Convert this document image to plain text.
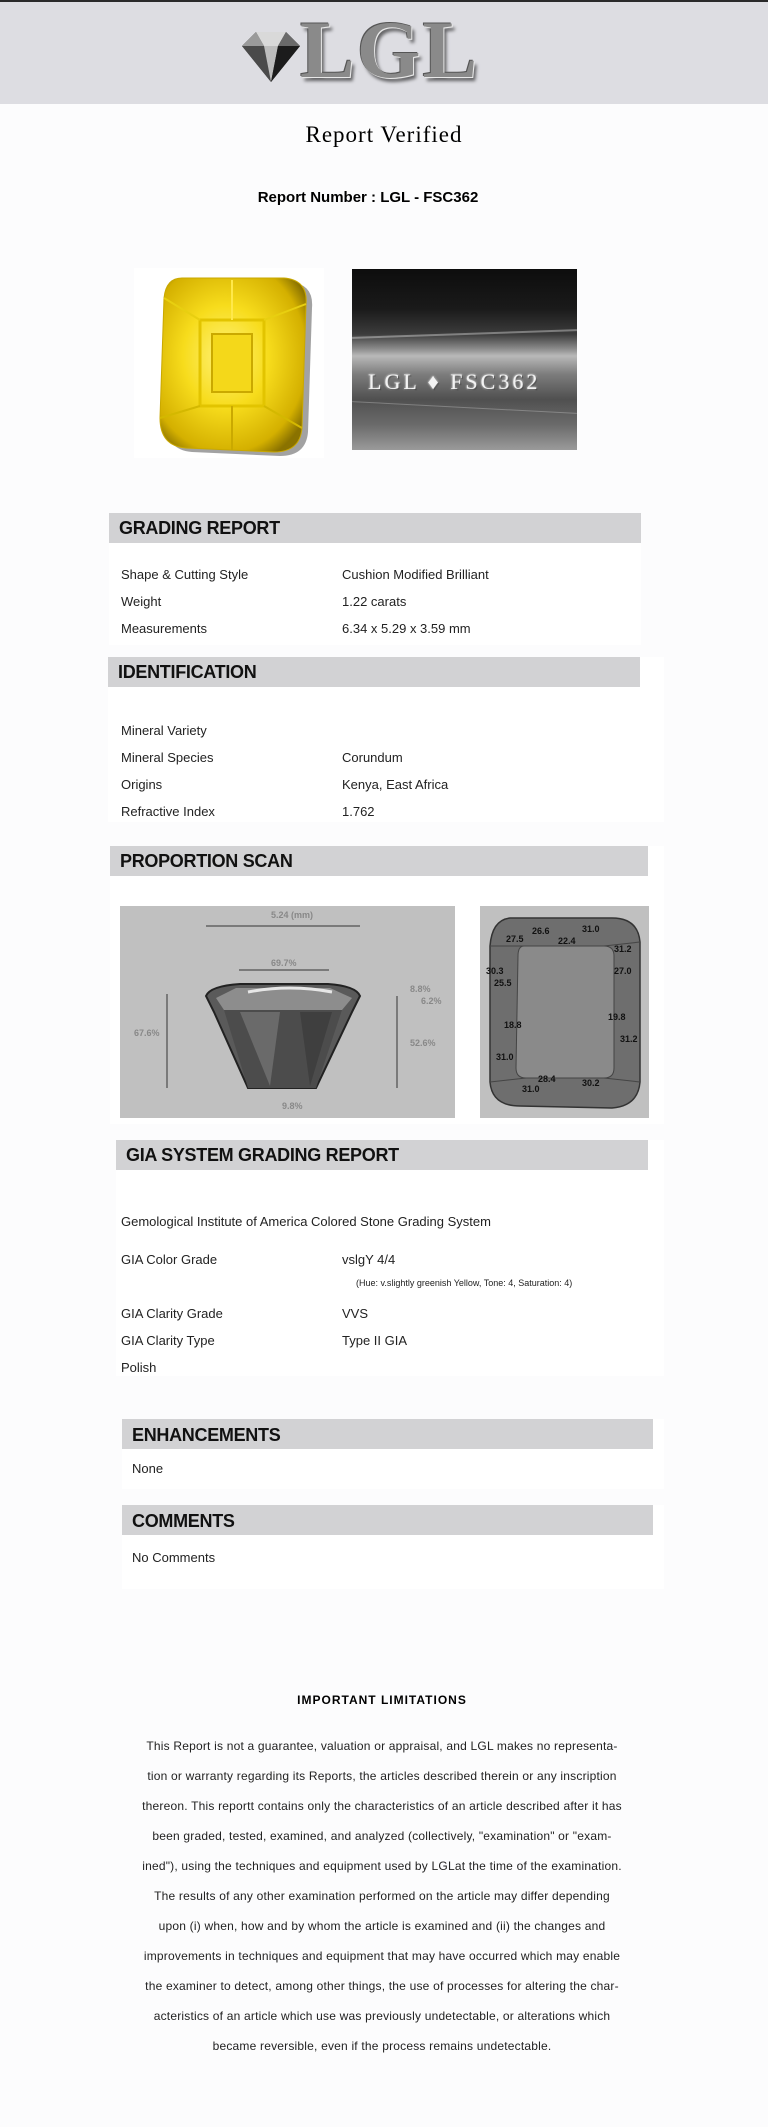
LGL
Report Verified
Report Number : LGL - FSC362
LGL ♦ FSC362
GRADING REPORT
Shape & Cutting Style	Cushion Modified Brilliant
Weight	1.22 carats
Measurements	6.34 x 5.29 x 3.59 mm
IDENTIFICATION
Mineral Variety
Mineral Species	Corundum
Origins	Kenya, East Africa
Refractive Index	1.762
PROPORTION SCAN
5.24 (mm)
69.7%
67.6%
8.8%
6.2%
52.6%
9.8%
27.5
26.6	31.0
22.4
31.2
30.3	27.0
25.5
18.8
19.8
31.2
31.0
28.4	30.2
31.0
GIA SYSTEM GRADING REPORT
Gemological Institute of America Colored Stone Grading System
GIA Color Grade	vslgY 4/4
(Hue: v.slightly greenish Yellow, Tone: 4, Saturation: 4)
GIA Clarity Grade	VVS
GIA Clarity Type	Type II GIA
Polish
ENHANCEMENTS
None
COMMENTS
No Comments
IMPORTANT LIMITATIONS
This Report is not a guarantee, valuation or appraisal, and LGL makes no representa-
tion or warranty regarding its Reports, the articles described therein or any inscription
thereon. This reportt contains only the characteristics of an article described after it has
been graded, tested, examined, and analyzed (collectively, "examination" or "exam-
ined"), using the techniques and equipment used by LGLat the time of the examination.
The results of any other examination performed on the article may differ depending
upon (i) when, how and by whom the article is examined and (ii) the changes and
improvements in techniques and equipment that may have occurred which may enable
the examiner to detect, among other things, the use of processes for altering the char-
acteristics of an article which use was previously undetectable, or alterations which
became reversible, even if the process remains undetectable.
